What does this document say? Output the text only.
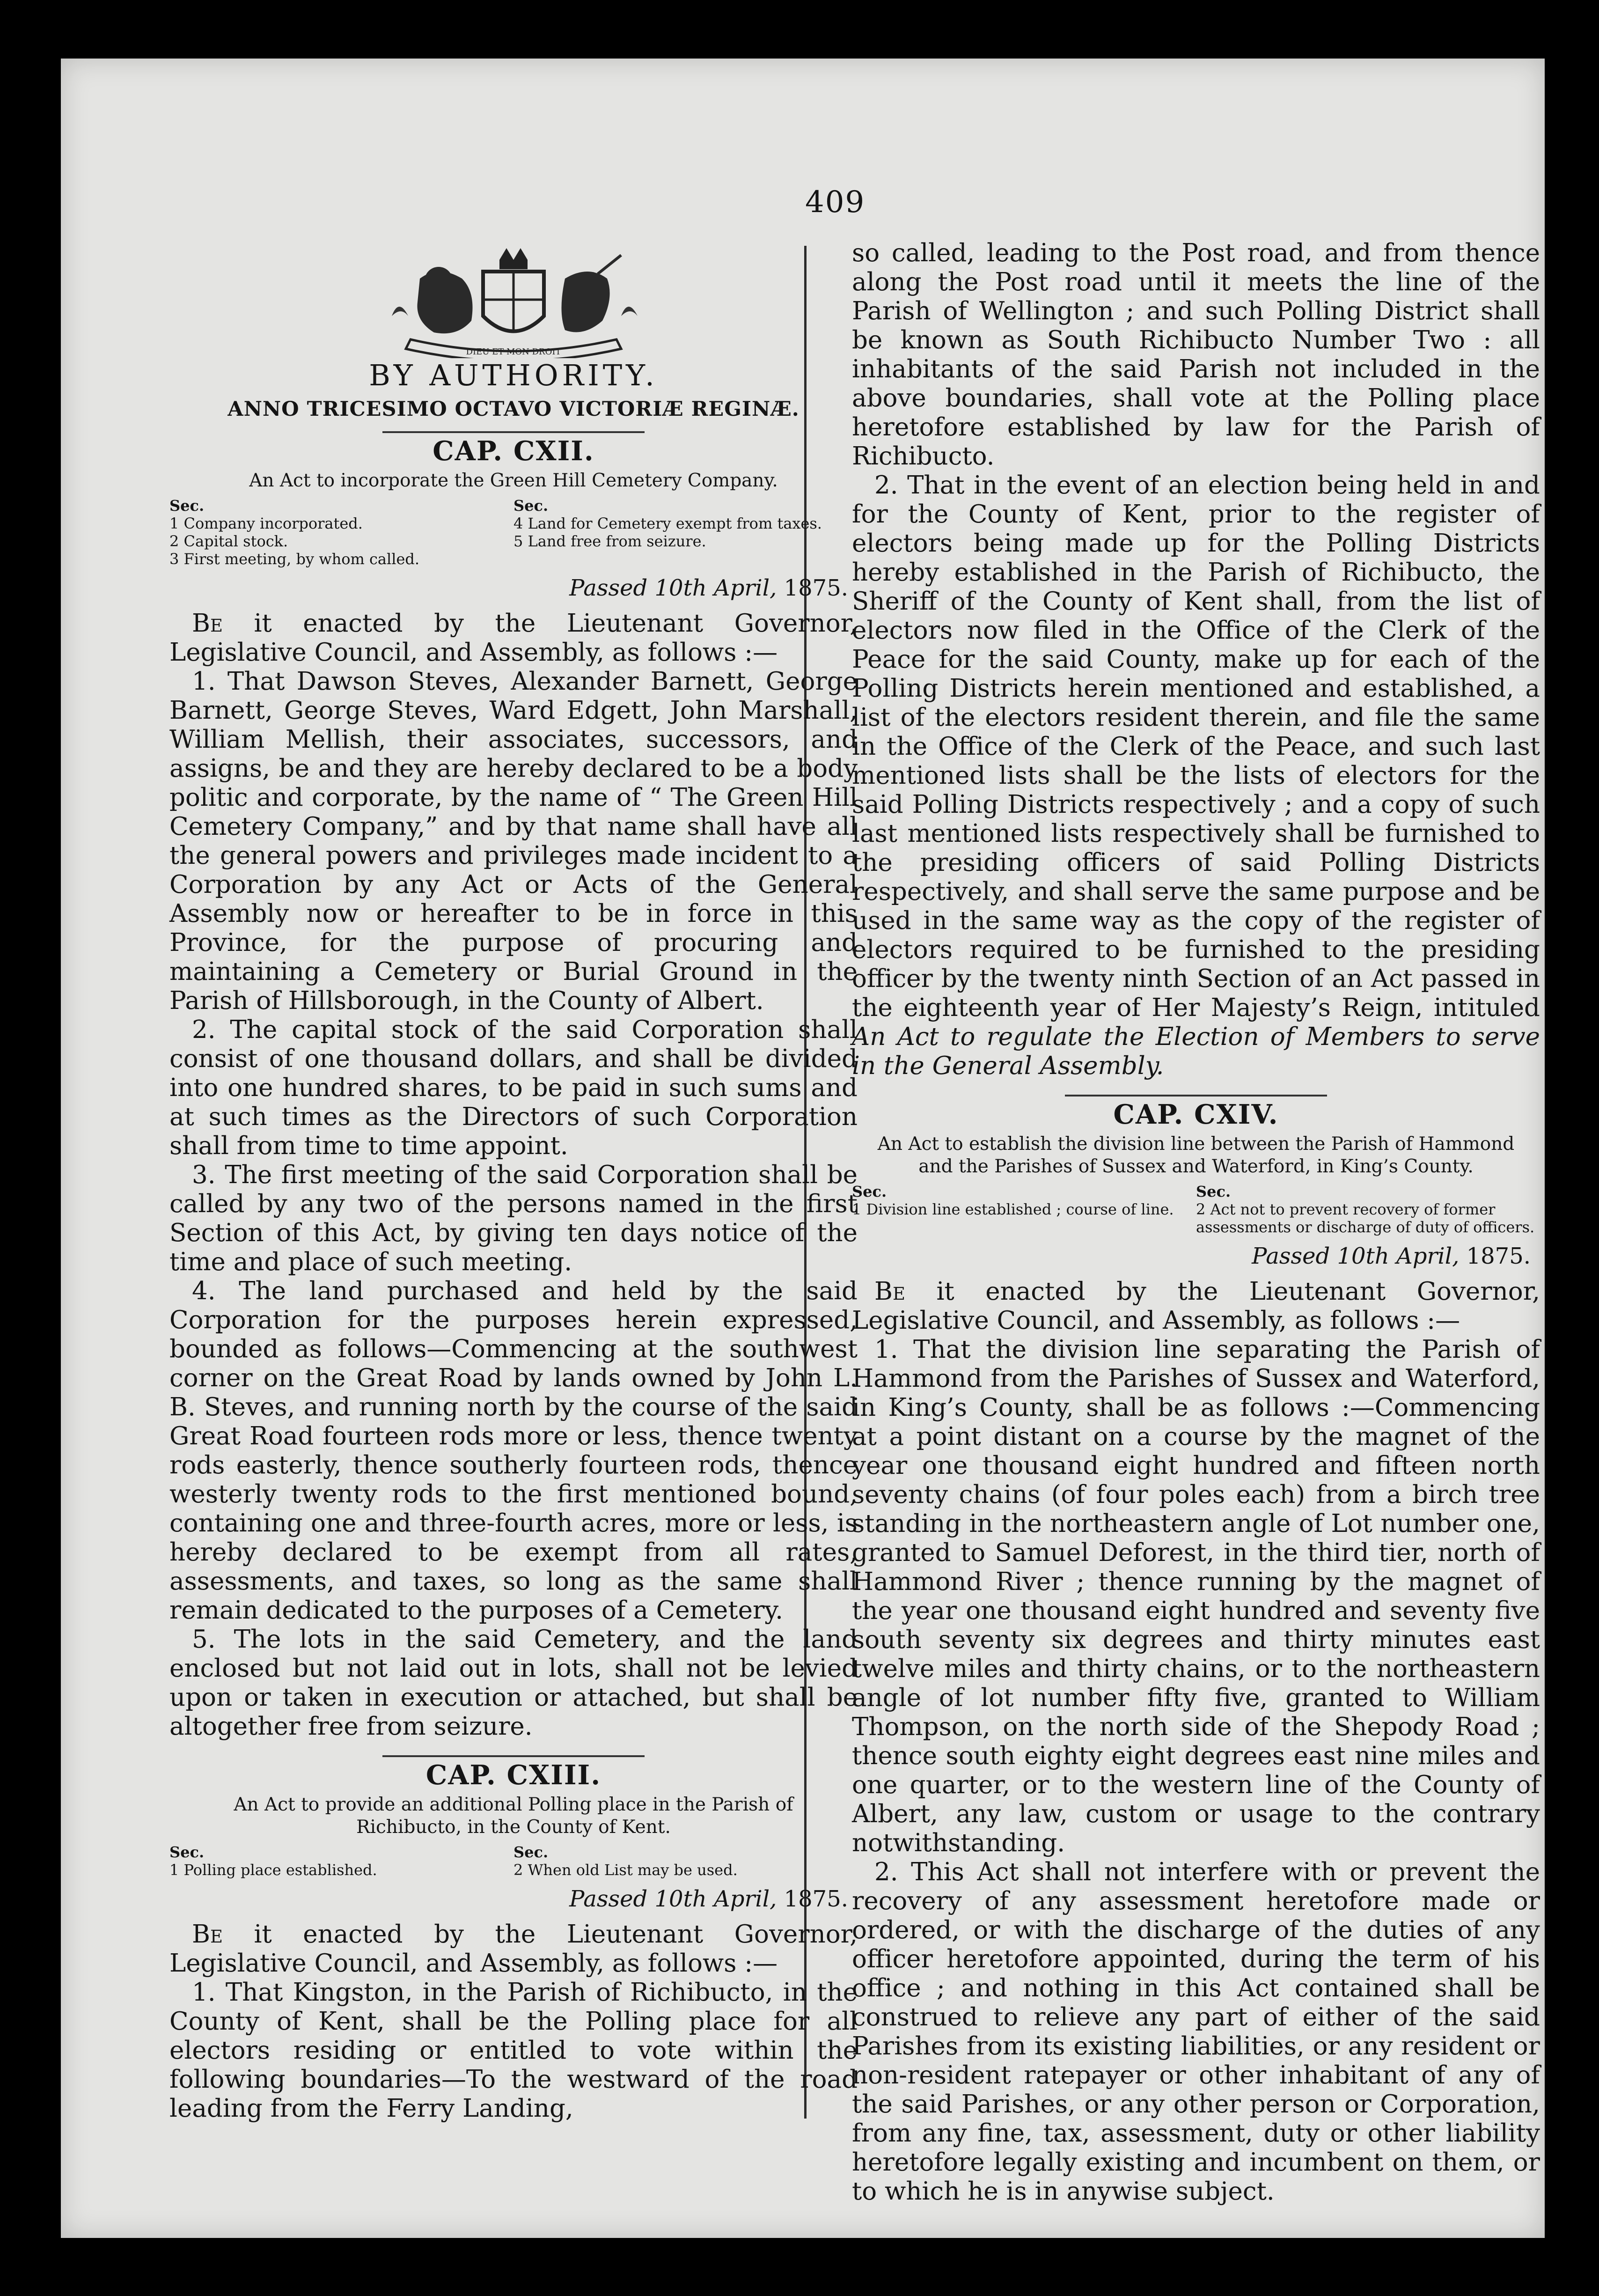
409
DIEU ET MON DROIT
BY AUTHORITY.
ANNO TRICESIMO OCTAVO VICTORIÆ REGINÆ.
CAP. CXII.
An Act to incorporate the Green Hill Cemetery Company.
Sec.
1 Company incorporated.
2 Capital stock.
3 First meeting, by whom called.
Sec.
4 Land for Cemetery exempt from taxes.
5 Land free from seizure.
Passed 10th April, 1875.

Be it enacted by the Lieutenant Governor, Legislative Council, and Assembly, as follows :—

1. That Dawson Steves, Alexander Barnett, George Barnett, George Steves, Ward Edgett, John Marshall, William Mellish, their associates, successors, and assigns, be and they are hereby declared to be a body politic and corporate, by the name of “ The Green Hill Cemetery Company,” and by that name shall have all the general powers and privileges made incident to a Corporation by any Act or Acts of the General Assembly now or hereafter to be in force in this Province, for the purpose of procuring and maintaining a Cemetery or Burial Ground in the Parish of Hillsborough, in the County of Albert.

2. The capital stock of the said Corporation shall consist of one thousand dollars, and shall be divided into one hundred shares, to be paid in such sums and at such times as the Directors of such Corporation shall from time to time appoint.

3. The first meeting of the said Corporation shall be called by any two of the persons named in the first Section of this Act, by giving ten days notice of the time and place of such meeting.

4. The land purchased and held by the said Corporation for the purposes herein expressed, bounded as follows—Commencing at the southwest corner on the Great Road by lands owned by John L. B. Steves, and running north by the course of the said Great Road fourteen rods more or less, thence twenty rods easterly, thence southerly fourteen rods, thence westerly twenty rods to the first mentioned bound, containing one and three-fourth acres, more or less, is hereby declared to be exempt from all rates, assessments, and taxes, so long as the same shall remain dedicated to the purposes of a Cemetery.

5. The lots in the said Cemetery, and the land enclosed but not laid out in lots, shall not be levied upon or taken in execution or attached, but shall be altogether free from seizure.

CAP. CXIII.
An Act to provide an additional Polling place in the Parish of Richibucto, in the County of Kent.
Sec.
1 Polling place established.
Sec.
2 When old List may be used.
Passed 10th April, 1875.

Be it enacted by the Lieutenant Governor, Legislative Council, and Assembly, as follows :—

1. That Kingston, in the Parish of Richibucto, in the County of Kent, shall be the Polling place for all electors residing or entitled to vote within the following boundaries—To the westward of the road leading from the Ferry Landing,

so called, leading to the Post road, and from thence along the Post road until it meets the line of the Parish of Wellington ; and such Polling District shall be known as South Richibucto Number Two : all inhabitants of the said Parish not included in the above boundaries, shall vote at the Polling place heretofore established by law for the Parish of Richibucto.

2. That in the event of an election being held in and for the County of Kent, prior to the register of electors being made up for the Polling Districts hereby established in the Parish of Richibucto, the Sheriff of the County of Kent shall, from the list of electors now filed in the Office of the Clerk of the Peace for the said County, make up for each of the Polling Districts herein mentioned and established, a list of the electors resident therein, and file the same in the Office of the Clerk of the Peace, and such last mentioned lists shall be the lists of electors for the said Polling Districts respectively ; and a copy of such last mentioned lists respectively shall be furnished to the presiding officers of said Polling Districts respectively, and shall serve the same purpose and be used in the same way as the copy of the register of electors required to be furnished to the presiding officer by the twenty ninth Section of an Act passed in the eighteenth year of Her Majesty’s Reign, intituled An Act to regulate the Election of Members to serve in the General Assembly.

CAP. CXIV.
An Act to establish the division line between the Parish of Hammond and the Parishes of Sussex and Waterford, in King’s County.
Sec.
1 Division line established ; course of line.
Sec.
2 Act not to prevent recovery of former assessments or discharge of duty of officers.
Passed 10th April, 1875.

Be it enacted by the Lieutenant Governor, Legislative Council, and Assembly, as follows :—

1. That the division line separating the Parish of Hammond from the Parishes of Sussex and Waterford, in King’s County, shall be as follows :—Commencing at a point distant on a course by the magnet of the year one thousand eight hundred and fifteen north seventy chains (of four poles each) from a birch tree standing in the northeastern angle of Lot number one, granted to Samuel Deforest, in the third tier, north of Hammond River ; thence running by the magnet of the year one thousand eight hundred and seventy five south seventy six degrees and thirty minutes east twelve miles and thirty chains, or to the northeastern angle of lot number fifty five, granted to William Thompson, on the north side of the Shepody Road ; thence south eighty eight degrees east nine miles and one quarter, or to the western line of the County of Albert, any law, custom or usage to the contrary notwithstanding.

2. This Act shall not interfere with or prevent the recovery of any assessment heretofore made or ordered, or with the discharge of the duties of any officer heretofore appointed, during the term of his office ; and nothing in this Act contained shall be construed to relieve any part of either of the said Parishes from its existing liabilities, or any resident or non-resident ratepayer or other inhabitant of any of the said Parishes, or any other person or Corporation, from any fine, tax, assessment, duty or other liability heretofore legally existing and incumbent on them, or to which he is in anywise subject.
